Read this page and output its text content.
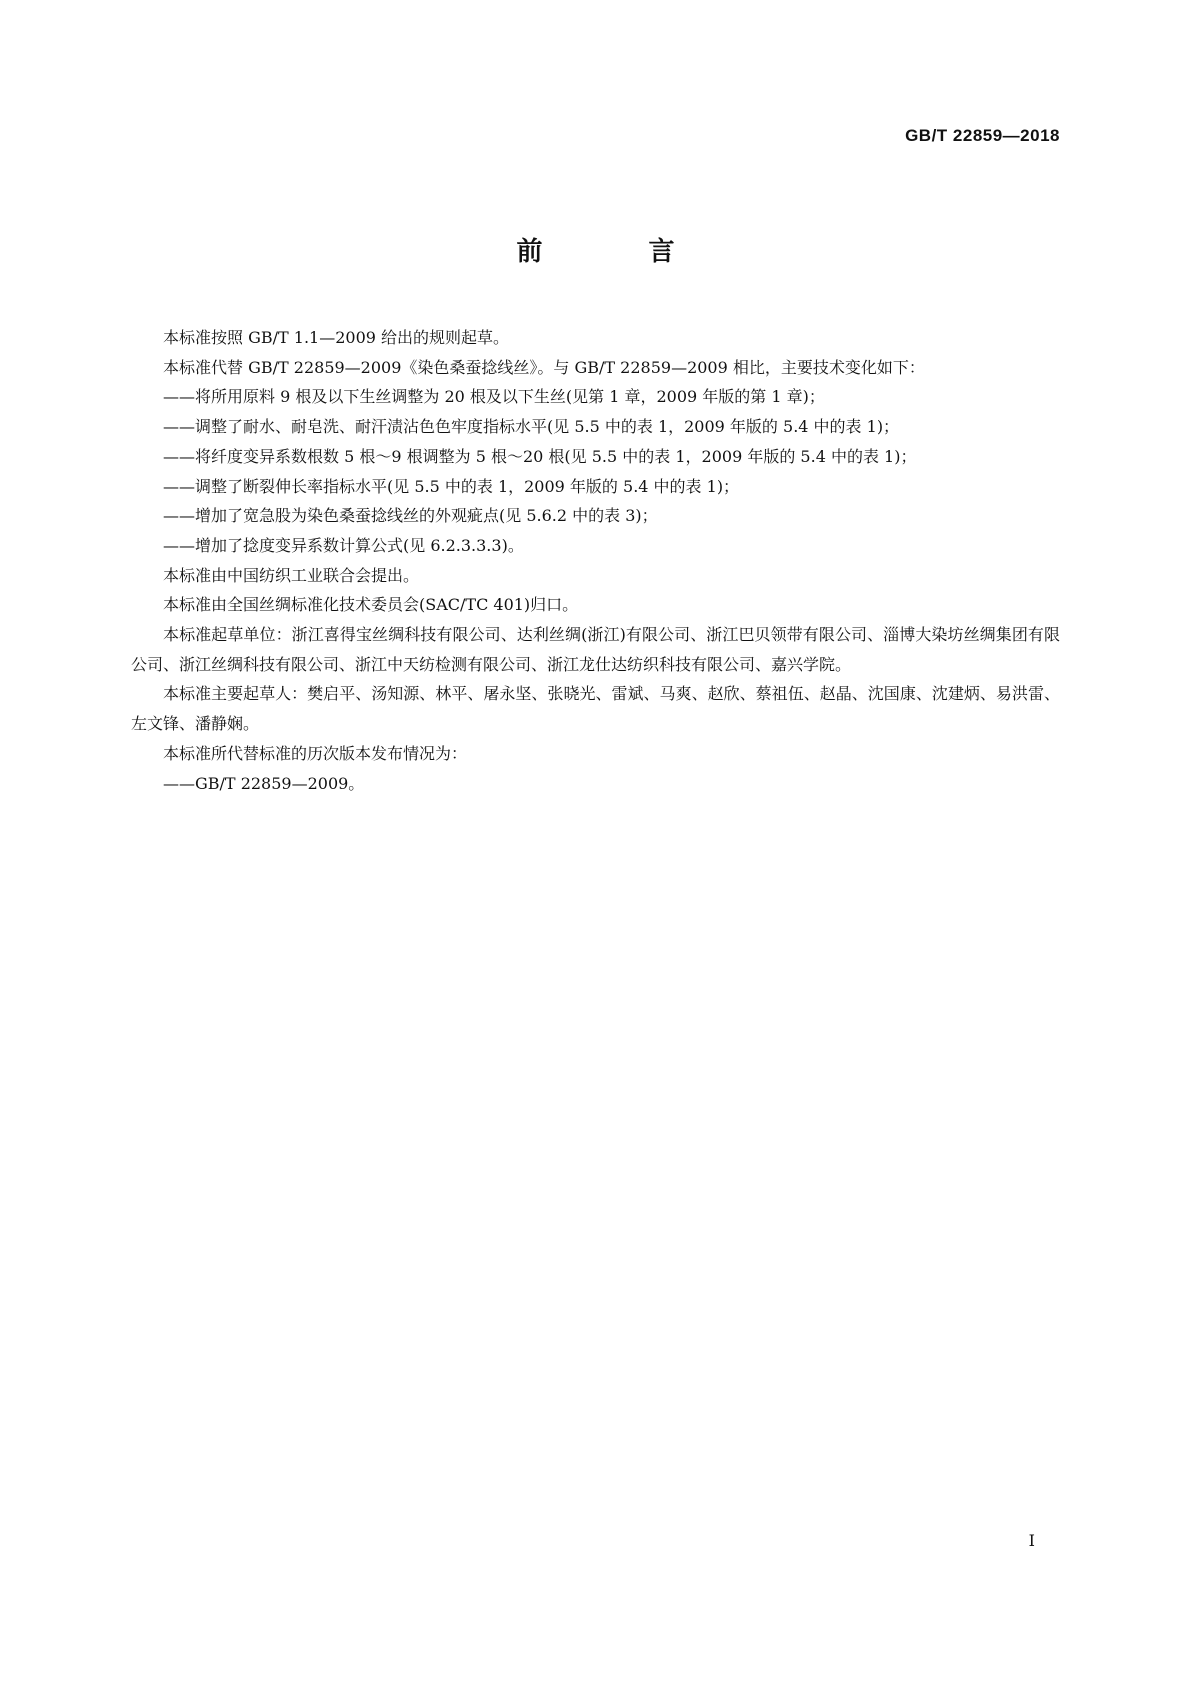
GB/T 22859—2018
前　言

本标准按照 GB/T 1.1—2009 给出的规则起草。

本标准代替 GB/T 22859—2009《染色桑蚕捻线丝》。与 GB/T 22859—2009 相比，主要技术变化如下：

——将所用原料 9 根及以下生丝调整为 20 根及以下生丝(见第 1 章，2009 年版的第 1 章)；

——调整了耐水、耐皂洗、耐汗渍沾色色牢度指标水平(见 5.5 中的表 1，2009 年版的 5.4 中的表 1)；

——将纤度变异系数根数 5 根～9 根调整为 5 根～20 根(见 5.5 中的表 1，2009 年版的 5.4 中的表 1)；

——调整了断裂伸长率指标水平(见 5.5 中的表 1，2009 年版的 5.4 中的表 1)；

——增加了宽急股为染色桑蚕捻线丝的外观疵点(见 5.6.2 中的表 3)；

——增加了捻度变异系数计算公式(见 6.2.3.3.3)。

本标准由中国纺织工业联合会提出。

本标准由全国丝绸标准化技术委员会(SAC/TC 401)归口。

本标准起草单位：浙江喜得宝丝绸科技有限公司、达利丝绸(浙江)有限公司、浙江巴贝领带有限公司、淄博大染坊丝绸集团有限公司、浙江丝绸科技有限公司、浙江中天纺检测有限公司、浙江龙仕达纺织科技有限公司、嘉兴学院。

本标准主要起草人：樊启平、汤知源、林平、屠永坚、张晓光、雷斌、马爽、赵欣、蔡祖伍、赵晶、沈国康、沈建炳、易洪雷、左文锋、潘静娴。

本标准所代替标准的历次版本发布情况为：

——GB/T 22859—2009。

I
